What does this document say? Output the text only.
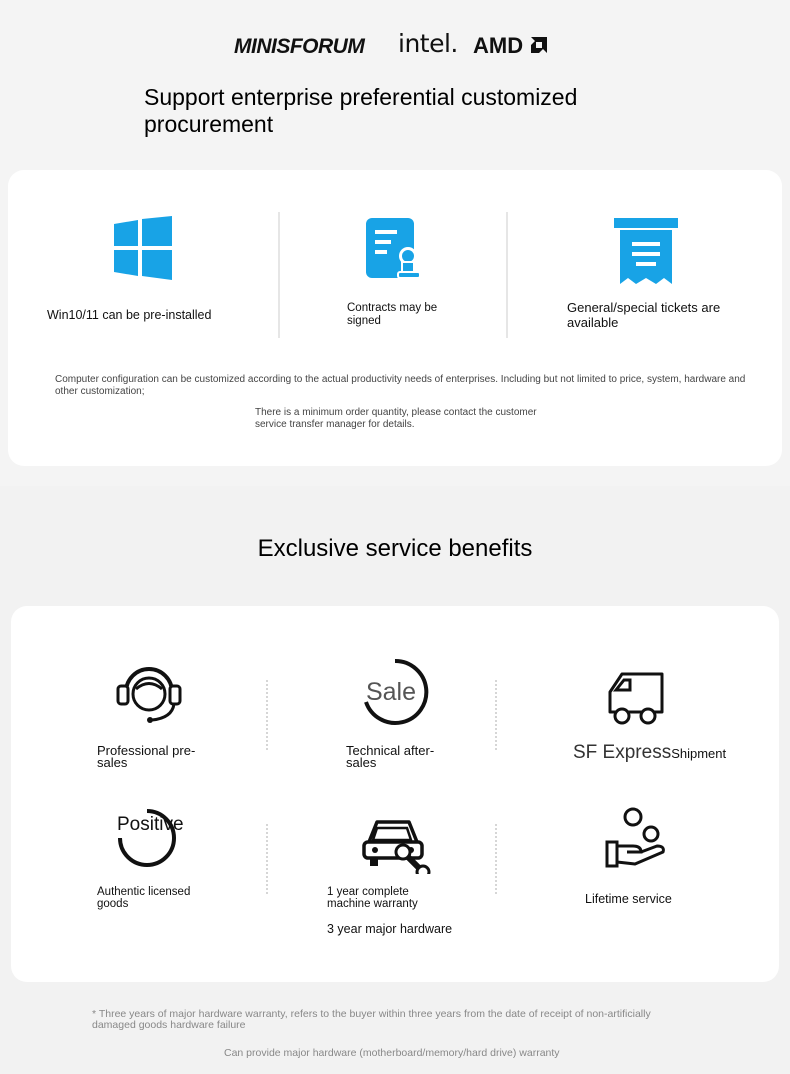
MINISFORUM intel. AMD
Support enterprise preferential customized procurement
Win10/11 can be pre-installed	Contracts may be signed
General/special tickets are available
Computer configuration can be customized according to the actual productivity needs of enterprises. Including but not limited to price, system, hardware and other customization;
There is a minimum order quantity, please contact the customer service transfer manager for details.
Exclusive service benefits
Professional pre-sales
Sale
Technical after-sales	SF ExpressShipment
Positive
Authentic licensed goods
1 year complete machine warranty
3 year major hardware
Lifetime service
* Three years of major hardware warranty, refers to the buyer within three years from the date of receipt of non-artificially damaged goods hardware failure
Can provide major hardware (motherboard/memory/hard drive) warranty
